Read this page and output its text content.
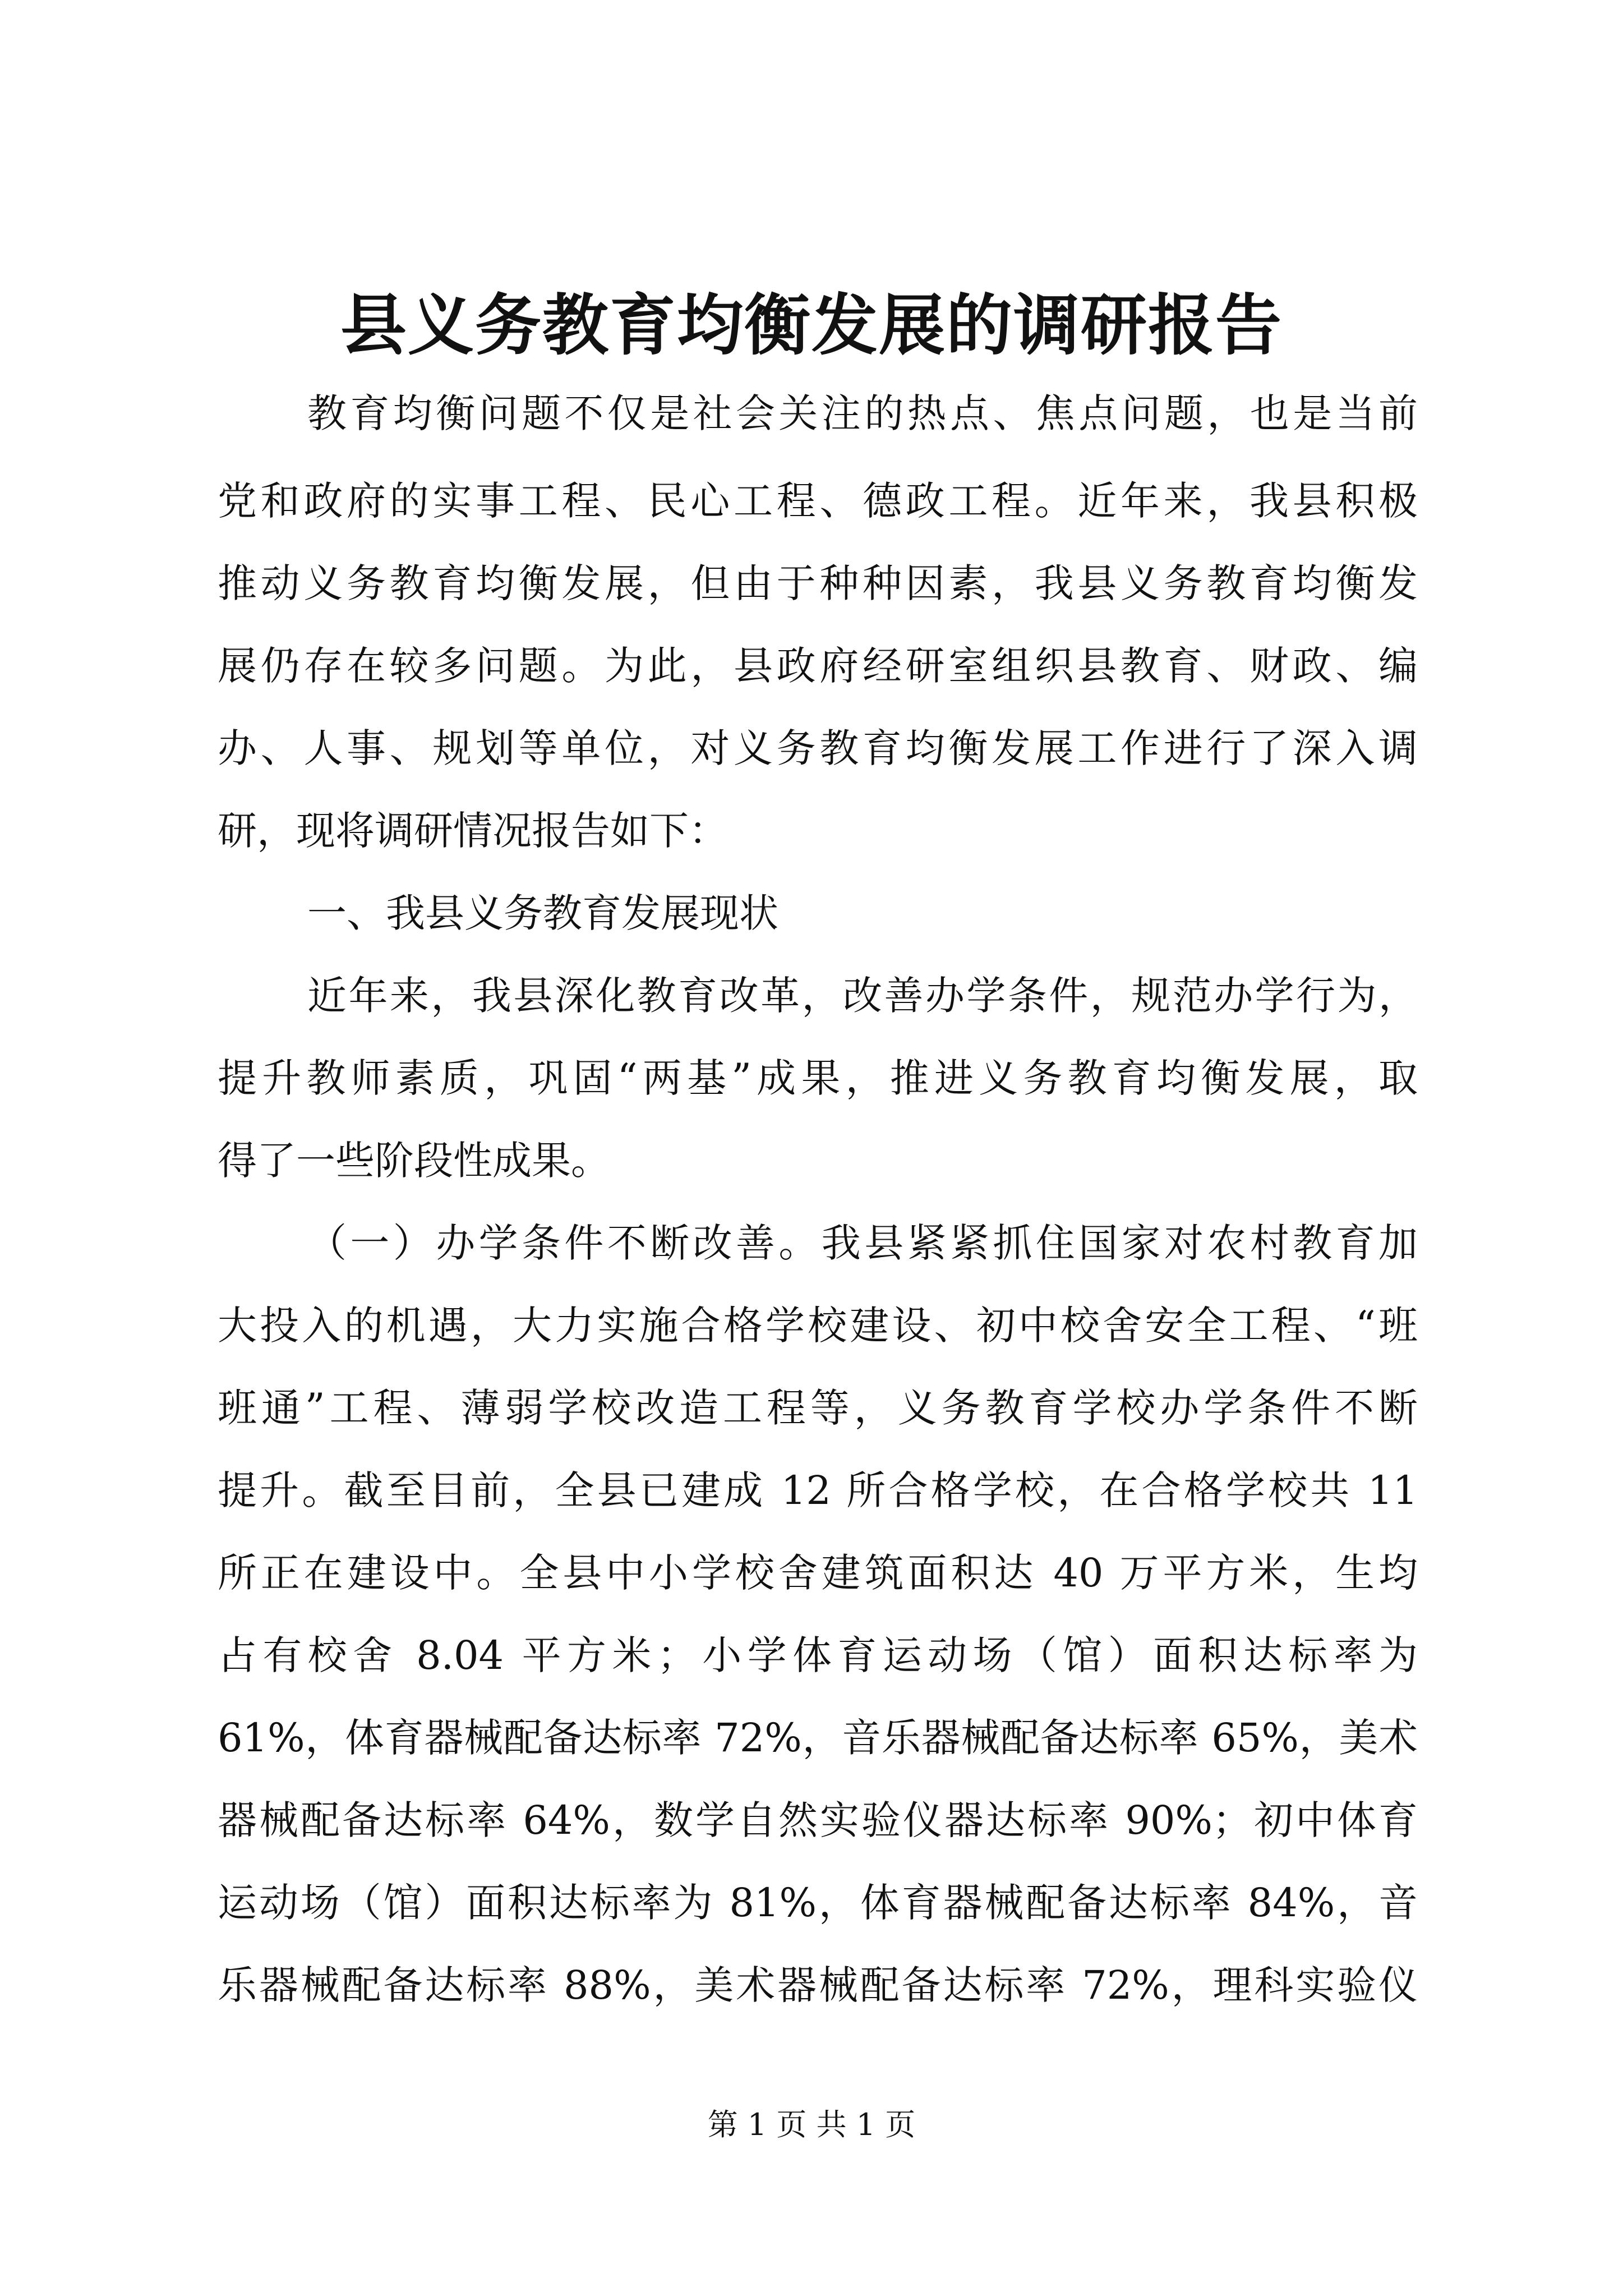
县义务教育均衡发展的调研报告
教育均衡问题不仅是社会关注的热点、焦点问题，也是当前
党和政府的实事工程、民心工程、德政工程。近年来，我县积极
推动义务教育均衡发展，但由于种种因素，我县义务教育均衡发
展仍存在较多问题。为此，县政府经研室组织县教育、财政、编
办、人事、规划等单位，对义务教育均衡发展工作进行了深入调
研，现将调研情况报告如下：
一、我县义务教育发展现状
近年来，我县深化教育改革，改善办学条件，规范办学行为，
提升教师素质，巩固“两基”成果，推进义务教育均衡发展，取
得了一些阶段性成果。
（一）办学条件不断改善。我县紧紧抓住国家对农村教育加
大投入的机遇，大力实施合格学校建设、初中校舍安全工程、“班
班通”工程、薄弱学校改造工程等，义务教育学校办学条件不断
提升。截至目前，全县已建成 12 所合格学校，在合格学校共 11
所正在建设中。全县中小学校舍建筑面积达 40 万平方米，生均
占有校舍 8.04 平方米；小学体育运动场（馆）面积达标率为
61%，体育器械配备达标率 72%，音乐器械配备达标率 65%，美术
器械配备达标率 64%，数学自然实验仪器达标率 90%；初中体育
运动场（馆）面积达标率为 81%，体育器械配备达标率 84%，音
乐器械配备达标率 88%，美术器械配备达标率 72%，理科实验仪
第 1 页 共 1 页
